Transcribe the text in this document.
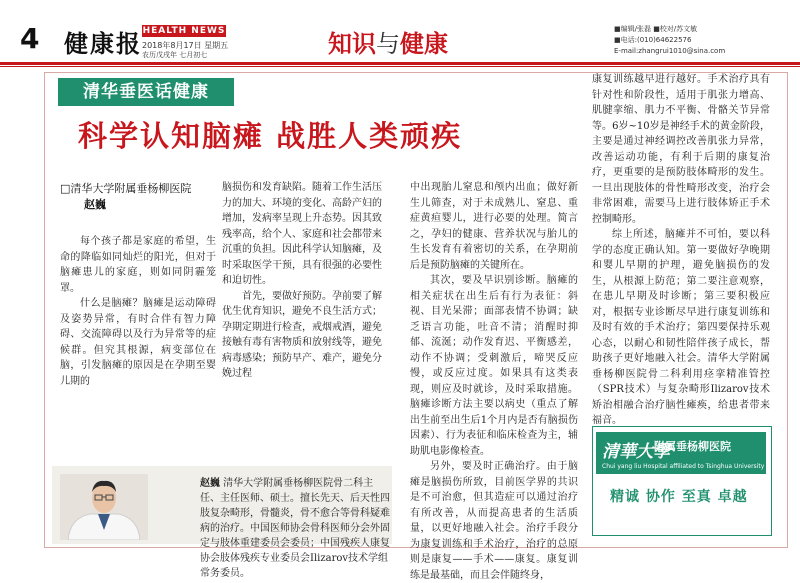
4 健康报 HEALTH NEWS
2018年8月17日 星期五
农历戊戌年 七月初七	知识与健康
■编辑/张磊 ■校对/苏文敏
■电话:(010)64622576
E-mail:zhangrui1010@sina.com
清华垂医话健康
科学认知脑瘫 战胜人类顽疾
□清华大学附属垂杨柳医院
赵巍

每个孩子都是家庭的希望，生命的降临如同灿烂的阳光，但对于脑瘫患儿的家庭，则如同阴霾笼罩。

什么是脑瘫？脑瘫是运动障碍及姿势异常，有时合伴有智力障碍、交流障碍以及行为异常等的症候群。但究其根源，病变部位在脑，引发脑瘫的原因是在孕期至婴儿期的

脑损伤和发育缺陷。随着工作生活压力的加大、环境的变化、高龄产妇的增加，发病率呈现上升态势。因其致残率高，给个人、家庭和社会都带来沉重的负担。因此科学认知脑瘫，及时采取医学干预，具有很强的必要性和迫切性。

首先，要做好预防。孕前要了解优生优育知识，避免不良生活方式；孕期定期进行检查，戒烟戒酒，避免接触有毒有害物质和放射线等，避免病毒感染；预防早产、难产，避免分娩过程

中出现胎儿窒息和颅内出血；做好新生儿筛查，对于未成熟儿、窒息、重症黄疸婴儿，进行必要的处理。简言之，孕妇的健康、营养状况与胎儿的生长发育有着密切的关系，在孕期前后是预防脑瘫的关键所在。

其次，要及早识别诊断。脑瘫的相关症状在出生后有行为表征：斜视、目光呆滞；面部表情不协调；缺乏语言功能，吐音不清；消醒时抑郁、流涎；动作发育迟、平衡感差，动作不协调；受刺激后，啼哭反应慢，或反应过度。如果具有这类表现，则应及时就诊，及时采取措施。脑瘫诊断方法主要以病史（重点了解出生前至出生后1个月内是否有脑损伤因素）、行为表征和临床检查为主，辅助肌电影像检查。

另外，要及时正确治疗。由于脑瘫是脑损伤所致，目前医学界的共识是不可治愈，但其造症可以通过治疗有所改善，从而提高患者的生活质量，以更好地融入社会。治疗手段分为康复训练和手术治疗，治疗的总原则是康复——手术——康复。康复训练是最基础，而且会伴随终身，

康复训练越早进行越好。手术治疗具有针对性和阶段性，适用于肌张力增高、肌腱挛缩、肌力不平衡、骨骼关节异常等。6岁~10岁是神经手术的黄金阶段，主要是通过神经调控改善肌张力异常，改善运动功能，有利于后期的康复治疗，更重要的是预防肢体畸形的发生。一旦出现肢体的骨性畸形改变，治疗会非常困难，需要马上进行肢体矫正手术控制畸形。

综上所述，脑瘫并不可怕，要以科学的态度正确认知。第一要做好孕晚期和婴儿早期的护理，避免脑损伤的发生，从根源上防范；第二要注意观察，在患儿早期及时诊断；第三要积极应对，根据专业诊断尽早进行康复训练和及时有效的手术治疗；第四要保持乐观心态，以耐心和韧性陪伴孩子成长，帮助孩子更好地融入社会。清华大学附属垂杨柳医院骨二科利用痉挛精准管控（SPR技术）与复杂畸形Ilizarov技术矫治相融合治疗脑性瘫痪，给患者带来福音。

赵巍 清华大学附属垂杨柳医院骨二科主任、主任医师、硕士。擅长先天、后天性四肢复杂畸形，骨髓炎，骨不愈合等骨科疑难病的治疗。中国医师协会骨科医师分会外固定与肢体重建委员会委员；中国残疾人康复协会肢体残疾专业委员会Ilizarov技术学组常务委员。
清華大學
附属垂杨柳医院
Chui yang liu Hospital affiliated to Tsinghua University
精诚 协作 至真 卓越
